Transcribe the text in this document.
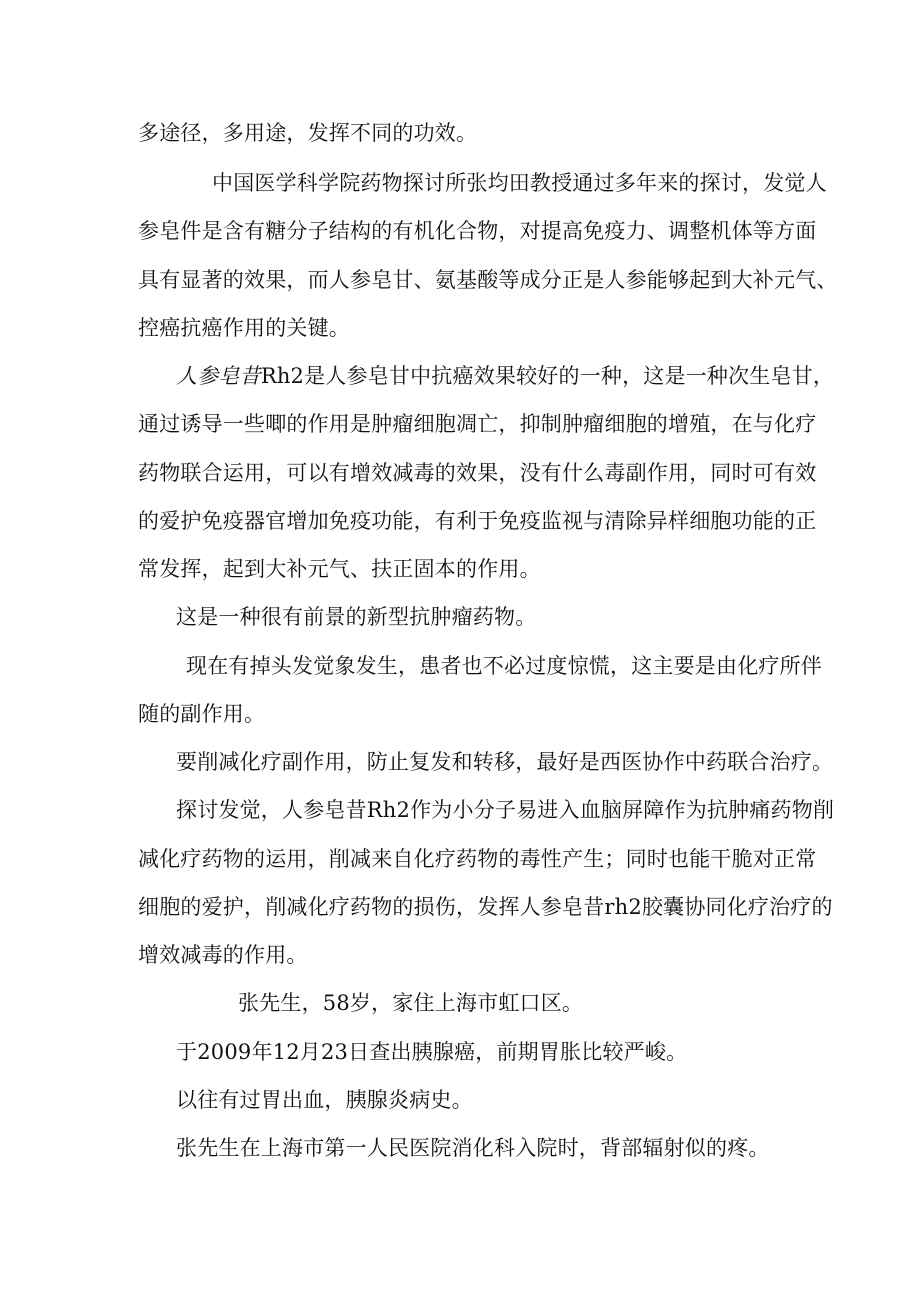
多途径，多用途，发挥不同的功效。
中国医学科学院药物探讨所张均田教授通过多年来的探讨，发觉人
参皂件是含有糖分子结构的有机化合物，对提高免疫力、调整机体等方面
具有显著的效果，而人参皂甘、氨基酸等成分正是人参能够起到大补元气、
控癌抗癌作用的关键。
人参皂昔Rh2是人参皂甘中抗癌效果较好的一种，这是一种次生皂甘，
通过诱导一些唧的作用是肿瘤细胞凋亡，抑制肿瘤细胞的增殖，在与化疗
药物联合运用，可以有增效减毒的效果，没有什么毒副作用，同时可有效
的爱护免疫器官增加免疫功能，有利于免疫监视与清除异样细胞功能的正
常发挥，起到大补元气、扶正固本的作用。
这是一种很有前景的新型抗肿瘤药物。
现在有掉头发觉象发生，患者也不必过度惊慌，这主要是由化疗所伴
随的副作用。
要削减化疗副作用，防止复发和转移，最好是西医协作中药联合治疗。
探讨发觉，人参皂昔Rh2作为小分子易进入血脑屏障作为抗肿痛药物削
减化疗药物的运用，削减来自化疗药物的毒性产生；同时也能干脆对正常
细胞的爱护，削减化疗药物的损伤，发挥人参皂昔rh2胶囊协同化疗治疗的
增效减毒的作用。
张先生，58岁，家住上海市虹口区。
于2009年12月23日查出胰腺癌，前期胃胀比较严峻。
以往有过胃出血，胰腺炎病史。
张先生在上海市第一人民医院消化科入院时，背部辐射似的疼。
